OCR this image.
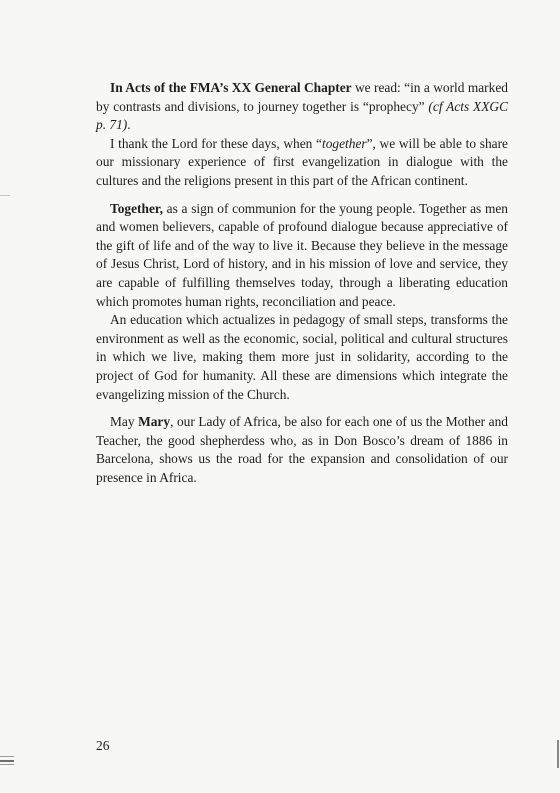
In Acts of the FMA’s XX General Chapter we read: “in a world marked by contrasts and divisions, to journey together is “prophecy” (cf Acts XXGC p. 71).

I thank the Lord for these days, when “together”, we will be able to share our missionary experience of first evangelization in dialogue with the cultures and the religions present in this part of the African continent.

Together, as a sign of communion for the young people. Together as men and women believers, capable of profound dialogue because appreciative of the gift of life and of the way to live it. Because they believe in the message of Jesus Christ, Lord of history, and in his mission of love and service, they are capable of fulfilling themselves today, through a liberating education which promotes human rights, reconciliation and peace.

An education which actualizes in pedagogy of small steps, transforms the environment as well as the economic, social, political and cultural structures in which we live, making them more just in solidarity, according to the project of God for humanity. All these are dimensions which integrate the evangelizing mission of the Church.

May Mary, our Lady of Africa, be also for each one of us the Mother and Teacher, the good shepherdess who, as in Don Bosco’s dream of 1886 in Barcelona, shows us the road for the expansion and consolidation of our presence in Africa.

26
